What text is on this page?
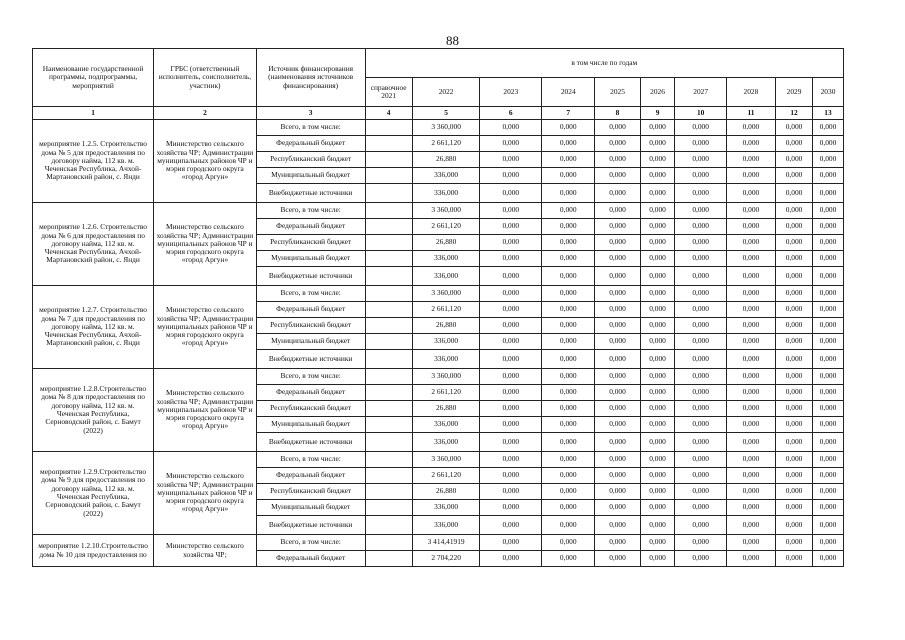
88
Наименование государственной программы, подпрограммы, мероприятий	ГРБС (ответственный исполнитель, соисполнитель, участник)	Источник финансирования (наименования источников финансирования)	в том числе по годам									
			справочное 2021	2022	2023	2024	2025	2026	2027	2028	2029	2030
1	2	3	4	5	6	7	8	9	10	11	12	13
мероприятие 1.2.5. Строительство дома № 5 для предоставления по договору найма, 112 кв. м. Чеченская Республика, Ачхой-Мартановский район, с. Янди	Министерство сельского хозяйства ЧР; Администрации муниципальных районов ЧР и мэрия городского округа «город Аргун»	Всего, в том числе:		3 360,000	0,000	0,000	0,000	0,000	0,000	0,000	0,000	0,000
		Федеральный бюджет		2 661,120	0,000	0,000	0,000	0,000	0,000	0,000	0,000	0,000
		Республиканский бюджет		26,880	0,000	0,000	0,000	0,000	0,000	0,000	0,000	0,000
		Муниципальный бюджет		336,000	0,000	0,000	0,000	0,000	0,000	0,000	0,000	0,000
		Внебюджетные источники		336,000	0,000	0,000	0,000	0,000	0,000	0,000	0,000	0,000
мероприятие 1.2.6. Строительство дома № 6 для предоставления по договору найма, 112 кв. м. Чеченская Республика, Ачхой-Мартановский район, с. Янди	Министерство сельского хозяйства ЧР; Администрации муниципальных районов ЧР и мэрия городского округа «город Аргун»	Всего, в том числе:		3 360,000	0,000	0,000	0,000	0,000	0,000	0,000	0,000	0,000
		Федеральный бюджет		2 661,120	0,000	0,000	0,000	0,000	0,000	0,000	0,000	0,000
		Республиканский бюджет		26,880	0,000	0,000	0,000	0,000	0,000	0,000	0,000	0,000
		Муниципальный бюджет		336,000	0,000	0,000	0,000	0,000	0,000	0,000	0,000	0,000
		Внебюджетные источники		336,000	0,000	0,000	0,000	0,000	0,000	0,000	0,000	0,000
мероприятие 1.2.7. Строительство дома № 7 для предоставления по договору найма, 112 кв. м. Чеченская Республика, Ачхой-Мартановский район, с. Янди	Министерство сельского хозяйства ЧР; Администрации муниципальных районов ЧР и мэрия городского округа «город Аргун»	Всего, в том числе:		3 360,000	0,000	0,000	0,000	0,000	0,000	0,000	0,000	0,000
		Федеральный бюджет		2 661,120	0,000	0,000	0,000	0,000	0,000	0,000	0,000	0,000
		Республиканский бюджет		26,880	0,000	0,000	0,000	0,000	0,000	0,000	0,000	0,000
		Муниципальный бюджет		336,000	0,000	0,000	0,000	0,000	0,000	0,000	0,000	0,000
		Внебюджетные источники		336,000	0,000	0,000	0,000	0,000	0,000	0,000	0,000	0,000
мероприятие 1.2.8.Строительство дома № 8 для предоставления по договору найма, 112 кв. м. Чеченская Республика, Серноводский район, с. Бамут (2022)	Министерство сельского хозяйства ЧР; Администрации муниципальных районов ЧР и мэрия городского округа «город Аргун»	Всего, в том числе:		3 360,000	0,000	0,000	0,000	0,000	0,000	0,000	0,000	0,000
		Федеральный бюджет		2 661,120	0,000	0,000	0,000	0,000	0,000	0,000	0,000	0,000
		Республиканский бюджет		26,880	0,000	0,000	0,000	0,000	0,000	0,000	0,000	0,000
		Муниципальный бюджет		336,000	0,000	0,000	0,000	0,000	0,000	0,000	0,000	0,000
		Внебюджетные источники		336,000	0,000	0,000	0,000	0,000	0,000	0,000	0,000	0,000
мероприятие 1.2.9.Строительство дома № 9 для предоставления по договору найма, 112 кв. м. Чеченская Республика, Серноводский район, с. Бамут (2022)	Министерство сельского хозяйства ЧР; Администрации муниципальных районов ЧР и мэрия городского округа «город Аргун»	Всего, в том числе:		3 360,000	0,000	0,000	0,000	0,000	0,000	0,000	0,000	0,000
		Федеральный бюджет		2 661,120	0,000	0,000	0,000	0,000	0,000	0,000	0,000	0,000
		Республиканский бюджет		26,880	0,000	0,000	0,000	0,000	0,000	0,000	0,000	0,000
		Муниципальный бюджет		336,000	0,000	0,000	0,000	0,000	0,000	0,000	0,000	0,000
		Внебюджетные источники		336,000	0,000	0,000	0,000	0,000	0,000	0,000	0,000	0,000
мероприятие 1.2.10.Строительство дома № 10 для предоставления по	Министерство сельского хозяйства ЧР;	Всего, в том числе:		3 414,41919	0,000	0,000	0,000	0,000	0,000	0,000	0,000	0,000
		Федеральный бюджет		2 704,220	0,000	0,000	0,000	0,000	0,000	0,000	0,000	0,000
